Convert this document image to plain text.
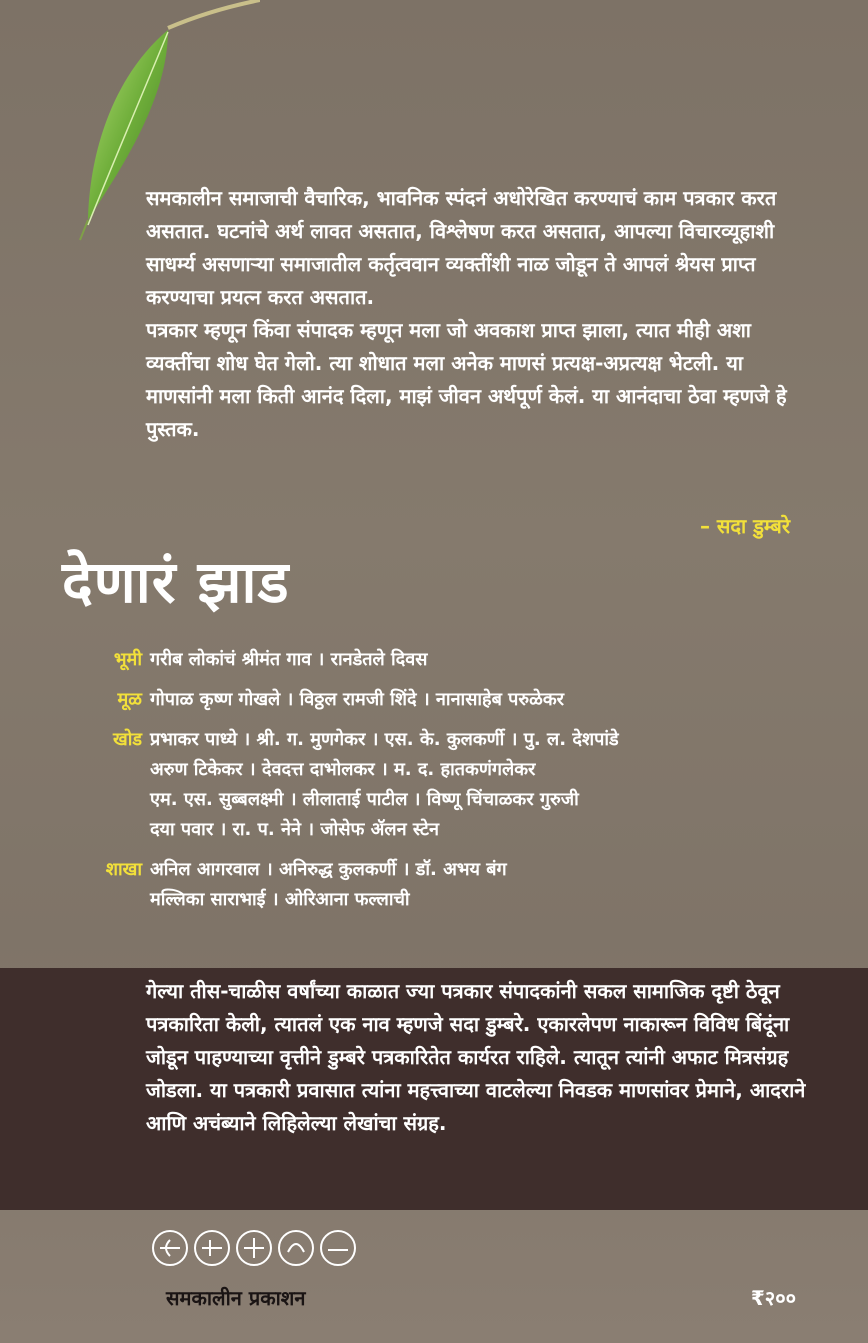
समकालीन समाजाची वैचारिक, भावनिक स्पंदनं अधोरेखित करण्याचं काम पत्रकार करत असतात. घटनांचे अर्थ लावत असतात, विश्लेषण करत असतात, आपल्या विचारव्यूहाशी साधर्म्य असणाऱ्या समाजातील कर्तृत्ववान व्यक्तींशी नाळ जोडून ते आपलं श्रेयस प्राप्त करण्याचा प्रयत्न करत असतात.

पत्रकार म्हणून किंवा संपादक म्हणून मला जो अवकाश प्राप्त झाला, त्यात मीही अशा व्यक्तींचा शोध घेत गेलो. त्या शोधात मला अनेक माणसं प्रत्यक्ष-अप्रत्यक्ष भेटली. या माणसांनी मला किती आनंद दिला, माझं जीवन अर्थपूर्ण केलं. या आनंदाचा ठेवा म्हणजे हे पुस्तक.

– सदा डुम्बरे
देणारं झाड
भूमी गरीब लोकांचं श्रीमंत गाव । रानडेतले दिवस
मूळ गोपाळ कृष्ण गोखले । विठ्ठल रामजी शिंदे । नानासाहेब परुळेकर
खोड प्रभाकर पाध्ये । श्री. ग. मुणगेकर । एस. के. कुलकर्णी । पु. ल. देशपांडे
अरुण टिकेकर । देवदत्त दाभोलकर । म. द. हातकणंगलेकर
एम. एस. सुब्बलक्ष्मी । लीलाताई पाटील । विष्णू चिंचाळकर गुरुजी
दया पवार । रा. प. नेने । जोसेफ ॲलन स्टेन
शाखा अनिल आगरवाल । अनिरुद्ध कुलकर्णी । डॉ. अभय बंग
मल्लिका साराभाई । ओरिआना फल्लाची
गेल्या तीस-चाळीस वर्षांच्या काळात ज्या पत्रकार संपादकांनी सकल सामाजिक दृष्टी ठेवून पत्रकारिता केली, त्यातलं एक नाव म्हणजे सदा डुम्बरे. एकारलेपण नाकारून विविध बिंदूंना जोडून पाहण्याच्या वृत्तीने डुम्बरे पत्रकारितेत कार्यरत राहिले. त्यातून त्यांनी अफाट मित्रसंग्रह जोडला. या पत्रकारी प्रवासात त्यांना महत्त्वाच्या वाटलेल्या निवडक माणसांवर प्रेमाने, आदराने आणि अचंब्याने लिहिलेल्या लेखांचा संग्रह.
समकालीन प्रकाशन	₹२००
